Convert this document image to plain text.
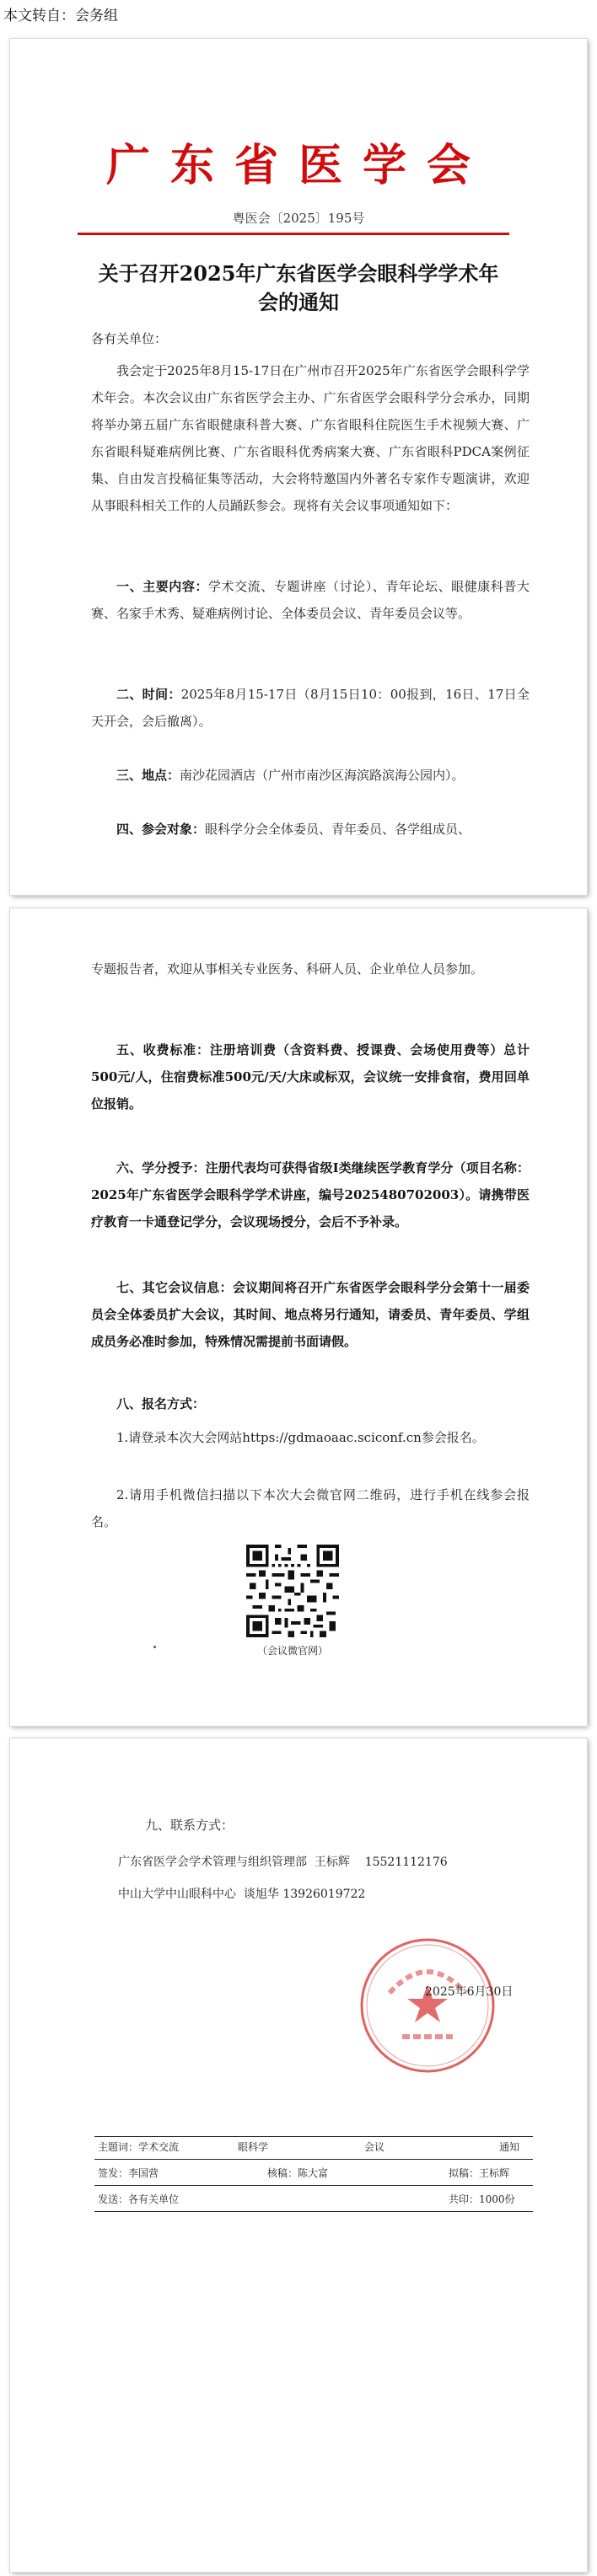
本文转自：会务组
广东省医学会
粤医会〔2025〕195号
关于召开2025年广东省医学会眼科学学术年会的通知

各有关单位：

我会定于2025年8月15-17日在广州市召开2025年广东省医学会眼科学学术年会。本次会议由广东省医学会主办、广东省医学会眼科学分会承办，同期将举办第五届广东省眼健康科普大赛、广东省眼科住院医生手术视频大赛、广东省眼科疑难病例比赛、广东省眼科优秀病案大赛、广东省眼科PDCA案例征集、自由发言投稿征集等活动，大会将特邀国内外著名专家作专题演讲，欢迎从事眼科相关工作的人员踊跃参会。现将有关会议事项通知如下：

一、主要内容：学术交流、专题讲座（讨论）、青年论坛、眼健康科普大赛、名家手术秀、疑难病例讨论、全体委员会议、青年委员会议等。

二、时间：2025年8月15-17日（8月15日10：00报到，16日、17日全天开会，会后撤离）。

三、地点：南沙花园酒店（广州市南沙区海滨路滨海公园内）。

四、参会对象：眼科学分会全体委员、青年委员、各学组成员、

专题报告者，欢迎从事相关专业医务、科研人员、企业单位人员参加。

五、收费标准：注册培训费（含资料费、授课费、会场使用费等）总计500元/人，住宿费标准500元/天/大床或标双，会议统一安排食宿，费用回单位报销。

六、学分授予：注册代表均可获得省级Ⅰ类继续医学教育学分（项目名称：2025年广东省医学会眼科学学术讲座，编号2025480702003）。请携带医疗教育一卡通登记学分，会议现场授分，会后不予补录。

七、其它会议信息：会议期间将召开广东省医学会眼科学分会第十一届委员会全体委员扩大会议，其时间、地点将另行通知，请委员、青年委员、学组成员务必准时参加，特殊情况需提前书面请假。

八、报名方式：

1.请登录本次大会网站https://gdmaoaac.sciconf.cn参会报名。

2.请用手机微信扫描以下本次大会微官网二维码，进行手机在线参会报名。

（会议微官网）
九、联系方式：
广东省医学会学术管理与组织管理部  王标辉    15521112176
中山大学中山眼科中心  谈旭华 13926019722
2025年6月30日
主题词：学术交流	眼科学	会议	通知
签发：李国营	核稿：陈大富	拟稿：王标辉
发送：各有关单位	共印：1000份
